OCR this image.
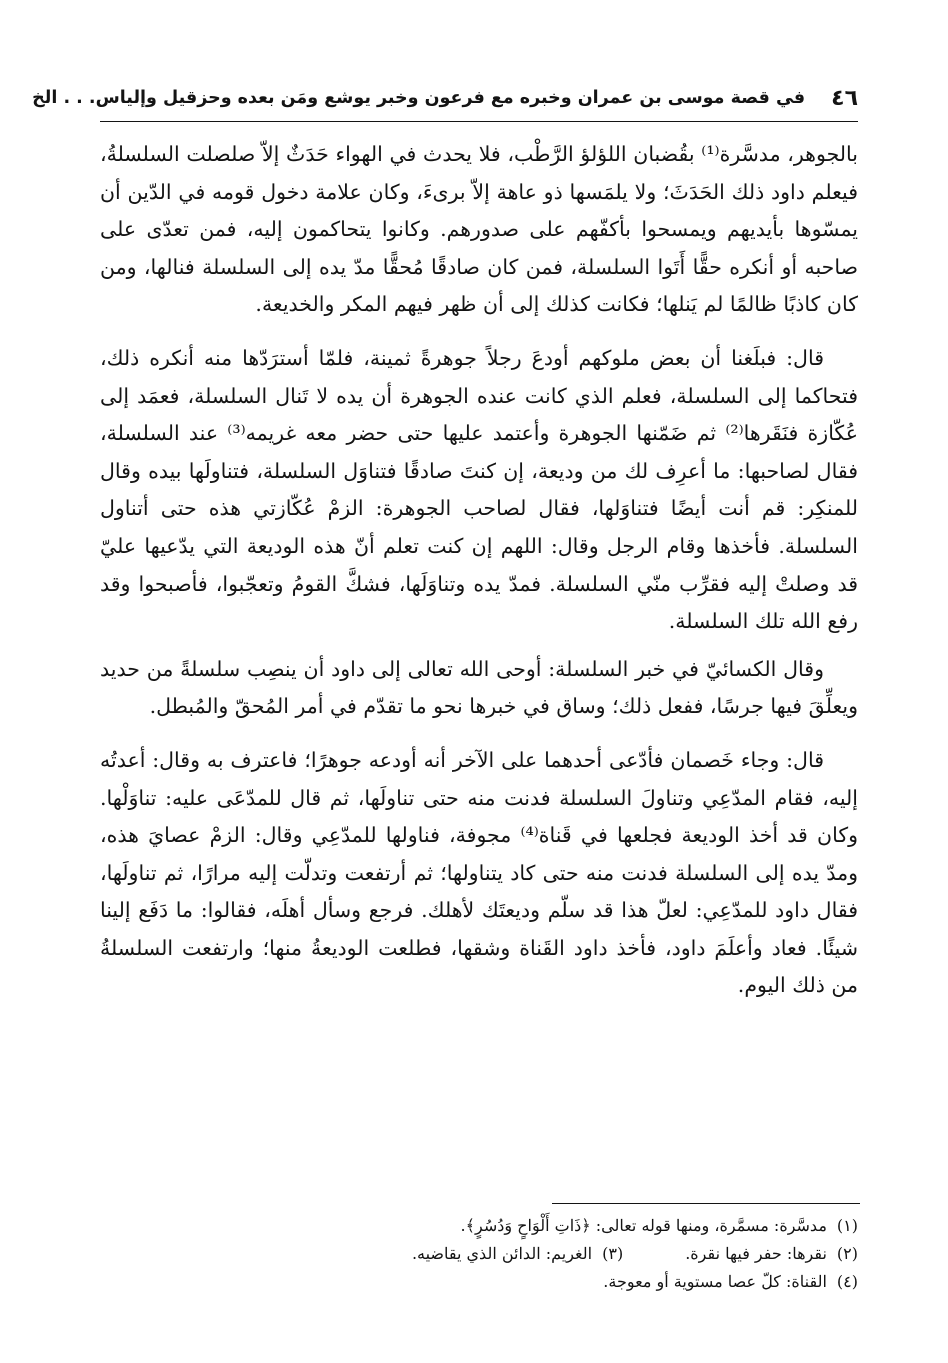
٤٦
في قصة موسى بن عمران وخبره مع فرعون وخبر يوشع ومَن بعده وحزقيل وإلياس. . . الخ

بالجوهر، مدسَّرة⁽¹⁾ بقُضبان اللؤلؤ الرَّطْب، فلا يحدث في الهواء حَدَثٌ إلاّ صلصلت السلسلةُ، فيعلم داود ذلك الحَدَثَ؛ ولا يلمَسها ذو عاهة إلاّ برىءَ، وكان علامة دخول قومه في الدّين أن يمسّوها بأيديهم ويمسحوا بأكفّهم على صدورهم. وكانوا يتحاكمون إليه، فمن تعدّى على صاحبه أو أنكره حقًّا أَتَوا السلسلة، فمن كان صادقًا مُحقًّا مدّ يده إلى السلسلة فنالها، ومن كان كاذبًا ظالمًا لم يَنلها؛ فكانت كذلك إلى أن ظهر فيهم المكر والخديعة.

قال: فبلَغنا أن بعض ملوكهم أودعَ رجلاً جوهرةً ثمينة، فلمّا أسترَدّها منه أنكره ذلك، فتحاكما إلى السلسلة، فعلم الذي كانت عنده الجوهرة أن يده لا تَنال السلسلة، فعمَد إلى عُكّازة فنَقَرها⁽²⁾ ثم ضَمّنها الجوهرة وأعتمد عليها حتى حضر معه غريمه⁽³⁾ عند السلسلة، فقال لصاحبها: ما أعرِف لك من وديعة، إن كنتَ صادقًا فتناوَل السلسلة، فتناولَها بيده وقال للمنكِر: قم أنت أيضًا فتناوَلها، فقال لصاحب الجوهرة: الزمْ عُكّازتي هذه حتى أتناول السلسلة. فأخذها وقام الرجل وقال: اللهم إن كنت تعلم أنّ هذه الوديعة التي يدّعيها عليّ قد وصلتْ إليه فقرِّب منّي السلسلة. فمدّ يده وتناوَلَها، فشكَّ القومُ وتعجّبوا، فأصبحوا وقد رفع الله تلك السلسلة.

وقال الكسائيّ في خبر السلسلة: أوحى الله تعالى إلى داود أن ينصِب سلسلةً من حديد ويعلِّقَ فيها جرسًا، ففعل ذلك؛ وساق في خبرها نحو ما تقدّم في أمر المُحقّ والمُبطل.

قال: وجاء خَصمان فأدّعى أحدهما على الآخر أنه أودعه جوهرًا؛ فاعترف به وقال: أعدتُه إليه، فقام المدّعِي وتناولَ السلسلة فدنت منه حتى تناولَها، ثم قال للمدّعَى عليه: تناوَلْها. وكان قد أخذ الوديعة فجلعها في قَناة⁽⁴⁾ مجوفة، فناولها للمدّعِي وقال: الزمْ عصايَ هذه، ومدّ يده إلى السلسلة فدنت منه حتى كاد يتناولها؛ ثم أرتفعت وتدلّت إليه مرارًا، ثم تناولَها، فقال داود للمدّعِي: لعلّ هذا قد سلّم وديعتَك لأهلك. فرجع وسأل أهلَه، فقالوا: ما دَفَع إلينا شيئًا. فعاد وأعلَمَ داود، فأخذ داود القَناة وشقها، فطلعت الوديعةُ منها؛ وارتفعت السلسلةُ من ذلك اليوم.

(١)
مدسَّرة: مسمَّرة، ومنها قوله تعالى: ﴿ذَاتِ أَلْوَاحٍ وَدُسُرٍ﴾.
(٢)
نقرها: حفر فيها نقرة.
(٣)
الغريم: الدائن الذي يقاضيه.
(٤)
القناة: كلّ عصا مستوية أو معوجة.
